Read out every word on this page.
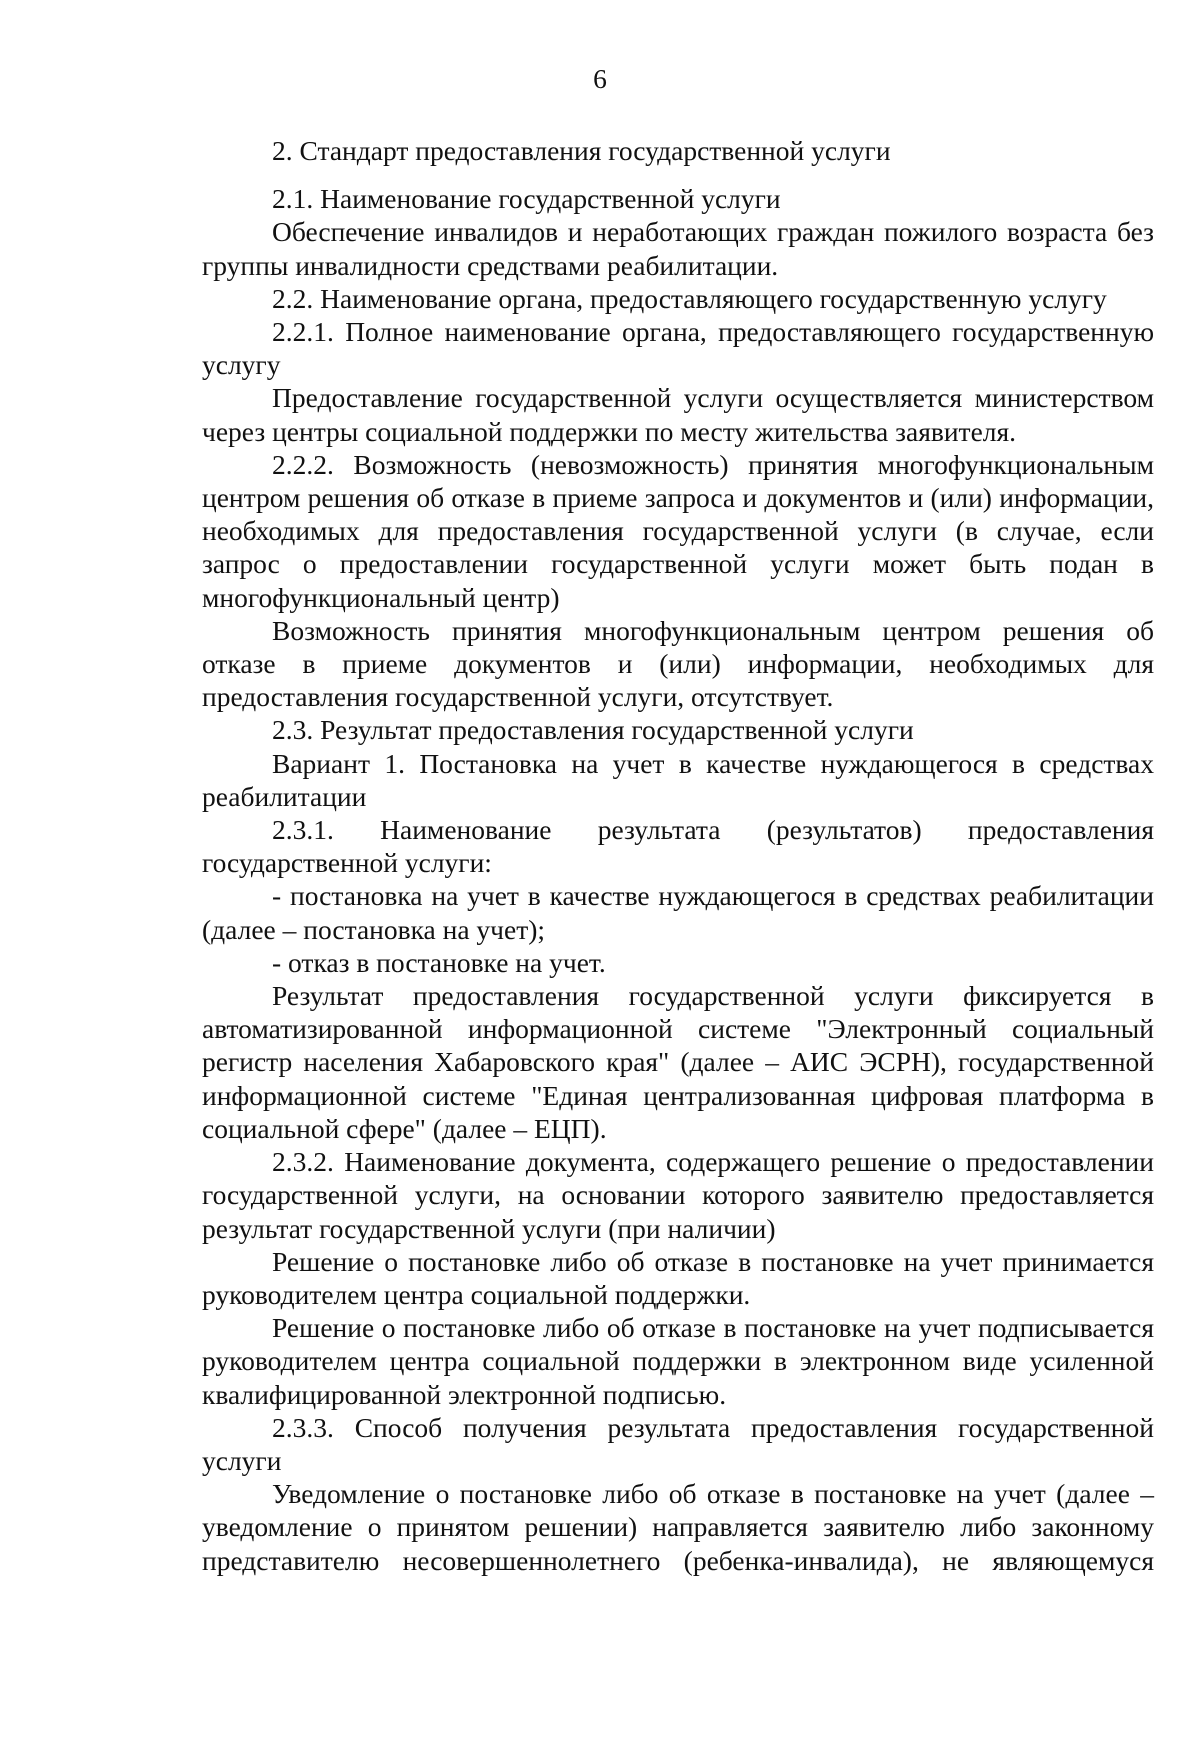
6

2. Стандарт предоставления государственной услуги

2.1. Наименование государственной услуги

Обеспечение инвалидов и неработающих граждан пожилого возраста без группы инвалидности средствами реабилитации.

2.2. Наименование органа, предоставляющего государственную услугу

2.2.1. Полное наименование органа, предоставляющего государственную услугу

Предоставление государственной услуги осуществляется министерством через центры социальной поддержки по месту жительства заявителя.

2.2.2. Возможность (невозможность) принятия многофункциональным центром решения об отказе в приеме запроса и документов и (или) информации, необходимых для предоставления государственной услуги (в случае, если запрос о предоставлении государственной услуги может быть подан в многофункциональный центр)

Возможность принятия многофункциональным центром решения об отказе в приеме документов и (или) информации, необходимых для предоставления государственной услуги, отсутствует.

2.3. Результат предоставления государственной услуги

Вариант 1. Постановка на учет в качестве нуждающегося в средствах реабилитации

2.3.1. Наименование результата (результатов) предоставления государственной услуги:

- постановка на учет в качестве нуждающегося в средствах реабилитации (далее – постановка на учет);

- отказ в постановке на учет.

Результат предоставления государственной услуги фиксируется в автоматизированной информационной системе "Электронный социальный регистр населения Хабаровского края" (далее – АИС ЭСРН), государственной информационной системе "Единая централизованная цифровая платформа в социальной сфере" (далее – ЕЦП).

2.3.2. Наименование документа, содержащего решение о предоставлении государственной услуги, на основании которого заявителю предоставляется результат государственной услуги (при наличии)

Решение о постановке либо об отказе в постановке на учет принимается руководителем центра социальной поддержки.

Решение о постановке либо об отказе в постановке на учет подписывается руководителем центра социальной поддержки в электронном виде усиленной квалифицированной электронной подписью.

2.3.3. Способ получения результата предоставления государственной услуги

Уведомление о постановке либо об отказе в постановке на учет (далее – уведомление о принятом решении) направляется заявителю либо законному представителю несовершеннолетнего (ребенка-инвалида), не являющемуся
